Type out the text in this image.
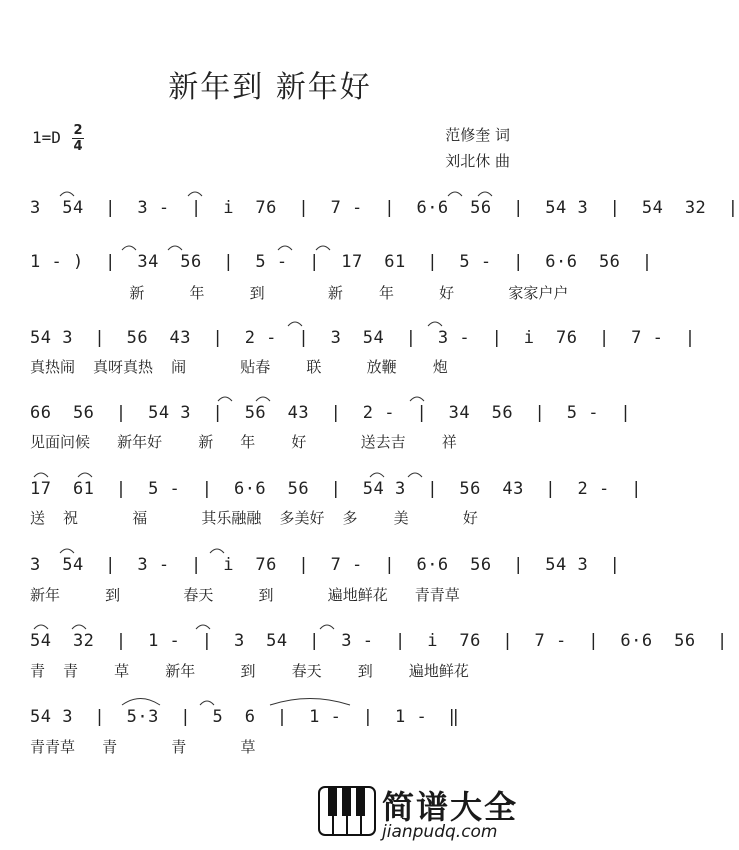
新年到 新年好
1=D 2
4
范修奎 词
刘北休 曲
3  54  |  3 -  |  i  76  |  7 -  |  6·6  56  |  54 3  |  54  32  |
1 - )  |  34  56  |  5 -  |  17  61  |  5 -  |  6·6  56  |
新     年     到       新    年     好      家家户户
54 3  |  56  43  |  2 -  |  3  54  |  3 -  |  i  76  |  7 -  |
真热闹  真呀真热  闹      贴春    联     放鞭    炮
66  56  |  54 3  |  56  43  |  2 -  |  34  56  |  5 -  |
见面问候   新年好    新   年    好      送去吉    祥
17  61  |  5 -  |  6·6  56  |  54 3  |  56  43  |  2 -  |
送  祝      福      其乐融融  多美好  多    美      好
3  54  |  3 -  |  i  76  |  7 -  |  6·6  56  |  54 3  |
新年     到       春天     到      遍地鲜花   青青草
54  32  |  1 -  |  3  54  |  3 -  |  i  76  |  7 -  |  6·6  56  |
青  青    草    新年     到    春天    到    遍地鲜花
54 3  |  5·3  |  5  6  |  1 -  |  1 -  ‖
青青草   青      青      草
简谱大全
jianpudq.com
